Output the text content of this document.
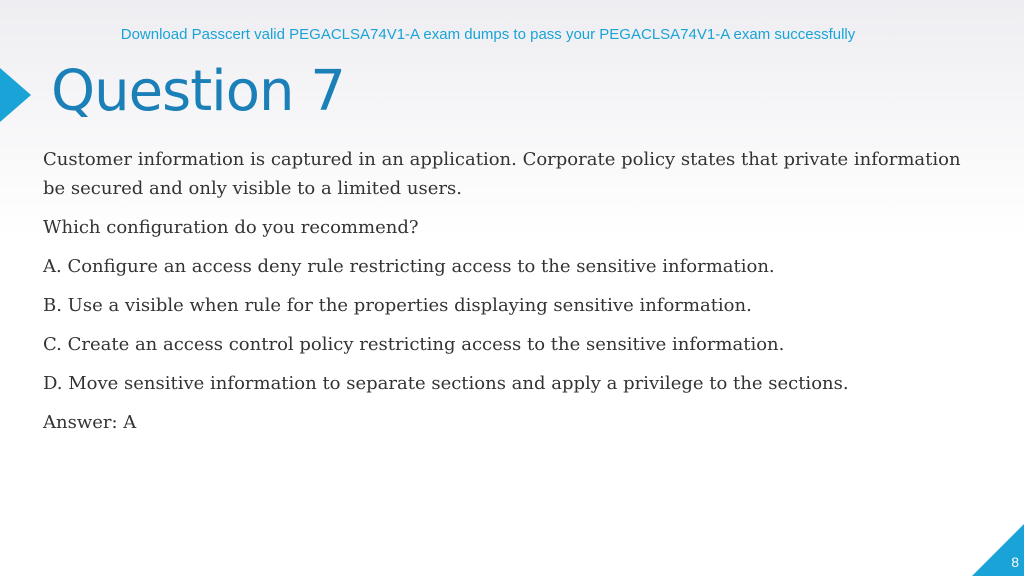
Download Passcert valid PEGACLSA74V1-A exam dumps to pass your PEGACLSA74V1-A exam successfully
Question 7

Customer information is captured in an application. Corporate policy states that private information be secured and only visible to a limited users.

Which configuration do you recommend?

A. Configure an access deny rule restricting access to the sensitive information.

B. Use a visible when rule for the properties displaying sensitive information.

C. Create an access control policy restricting access to the sensitive information.

D. Move sensitive information to separate sections and apply a privilege to the sections.

Answer: A

8
